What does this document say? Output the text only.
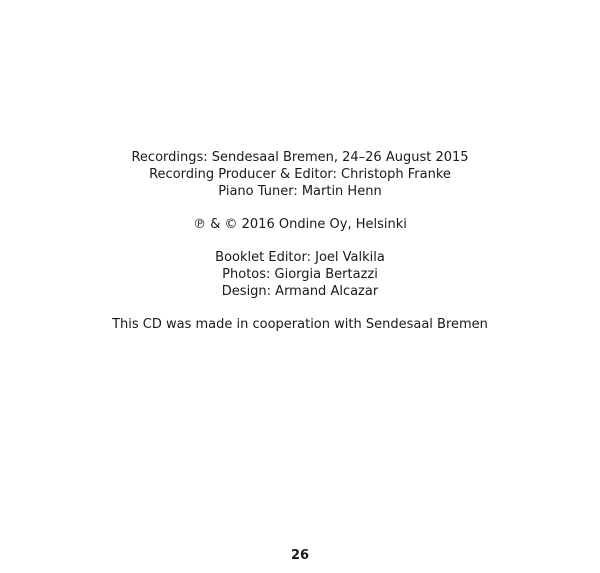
Recordings: Sendesaal Bremen, 24–26 August 2015
Recording Producer & Editor: Christoph Franke
Piano Tuner: Martin Henn
℗ & © 2016 Ondine Oy, Helsinki
Booklet Editor: Joel Valkila
Photos: Giorgia Bertazzi
Design: Armand Alcazar
This CD was made in cooperation with Sendesaal Bremen
26
